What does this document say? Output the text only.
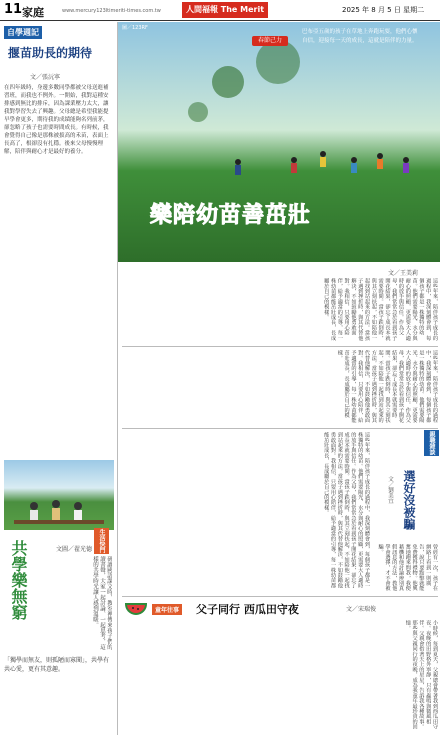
11 家庭	www.mercury123ltimeriti-times.com.tw	人間福報 The Merit	2025 年 8 月 5 日 星期二
自學週記
揠苗助長的期待
文／張沅寧
在四年級時，身邊多數同學都被父母送進補習班，而我也不例外。一開始，我對這種安排感到無比的排斥，因為課業壓力太大，讓我對學習失去了興趣。父母總是希望我能提早學會更多，期待我的成績能夠名列前茅，卻忽略了孩子也需要時間成長。有時候，我會覺得自己像是那株被拔高的禾苗，表面上長高了，根卻沒有扎穩。後來父母慢慢理解，陪伴與耐心才是最好的養分。
生活快門
文圖／翟光德
共學樂無窮	研讀國語課文時，教室裡傳來孩子們的讀書聲，大家一起討論、一起思考，這樣的共學時光讓人感到溫暖。
「獨學而無友，則孤陋而寡聞」，共學有共心愛，更有其意趣。
圖／123RF
春節己力
巴布亞五歲的孩子在草地上奔跑玩耍，他們心懷自信，迎接每一天的成長，這就是陪伴的力量。
樂陪幼苗善茁壯
文／王美莉
這些年來，陪伴孩子成長的過程中，我深刻體會到，每個孩子都是一株獨特的幼苗。他們需要陽光、水分與耐心的照顧，更需要大人適時的放手與信任。作為父母，我們常常急於看到孩子開花結果，卻忘了成長本就需要時間。當孩子跌倒時，與其立刻扶起，不如陪他一起找到站起來的方法。當孩子遇到挫折時，與其代替他解決，不如鼓勵他勇敢面對。我相信，只要用心陪伴，給予適當的引導，每一株幼苗都能茁壯成長，長成屬於自己的模樣。
這些年來，陪伴孩子成長的過程中，我深刻體會到，每個孩子都是一株獨特的幼苗。他們需要陽光、水分與耐心的照顧，更需要大人適時的放手與信任。作為父母，我們常常急於看到孩子開花結果，卻忘了成長本就需要時間。當孩子跌倒時，與其立刻扶起，不如陪他一起找到站起來的方法。當孩子遇到挫折時，與其代替他解決，不如鼓勵他勇敢面對。我相信，只要用心陪伴，給予適當的引導，每一株幼苗都能茁壯成長，長成屬於自己的模樣。
這些年來，陪伴孩子成長的過程中，我深刻體會到，每個孩子都是一株獨特的幼苗。他們需要陽光、水分與耐心的照顧，更需要大人適時的放手與信任。作為父母，我們常常急於看到孩子開花結果，卻忘了成長本就需要時間。當孩子跌倒時，與其立刻扶起，不如陪他一起找到站起來的方法。當孩子遇到挫折時，與其代替他解決，不如鼓勵他勇敢面對。我相信，只要用心陪伴，給予適當的引導，每一株幼苗都能茁壯成長，長成屬於自己的模樣。	親職雜談
選好沒被騙
文／劉美宜
曾經有一次，孩子在網路上看到一則廣告，說只要點擊就能免費獲得禮物。他興奮地跑來問我，我便藉機和他討論辨別真假訊息的方法，教他學會選擇，才不會被騙。
童年往事 父子同行 西瓜田守夜	文／宋瑞俊
小時候，每到夏天，父親總會帶著我到西瓜田守夜。夜晚的田野格外寧靜，只有蟲鳴與微風相伴。父親會指著天上的星星，告訴我各種故事。那些與父親同行的夜晚，成為我童年最珍貴的回憶。
